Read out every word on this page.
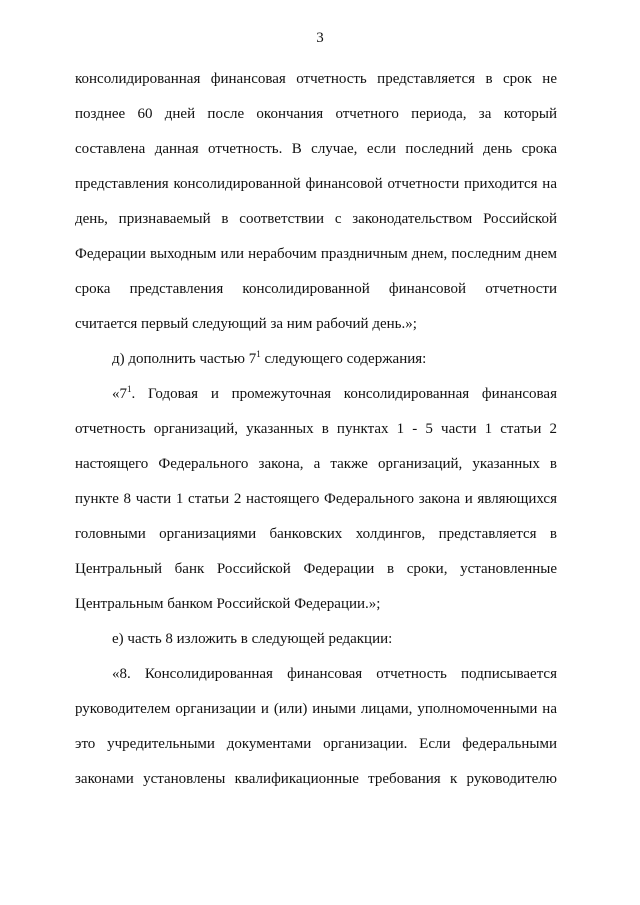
3
консолидированная финансовая отчетность представляется в срок не
позднее 60 дней после окончания отчетного периода, за который
составлена данная отчетность. В случае, если последний день срока
представления консолидированной финансовой отчетности приходится на
день, признаваемый в соответствии с законодательством Российской
Федерации выходным или нерабочим праздничным днем, последним днем
срока представления консолидированной финансовой отчетности
считается первый следующий за ним рабочий день.»;
д) дополнить частью $7^1$ следующего содержания:
«$7^1$. Годовая и промежуточная консолидированная финансовая
отчетность организаций, указанных в пунктах 1 - 5 части 1 статьи 2
настоящего Федерального закона, а также организаций, указанных в
пункте 8 части 1 статьи 2 настоящего Федерального закона и являющихся
головными организациями банковских холдингов, представляется в
Центральный банк Российской Федерации в сроки, установленные
Центральным банком Российской Федерации.»;
е) часть 8 изложить в следующей редакции:
«8. Консолидированная финансовая отчетность подписывается
руководителем организации и (или) иными лицами, уполномоченными на
это учредительными документами организации. Если федеральными
законами установлены квалификационные требования к руководителю
